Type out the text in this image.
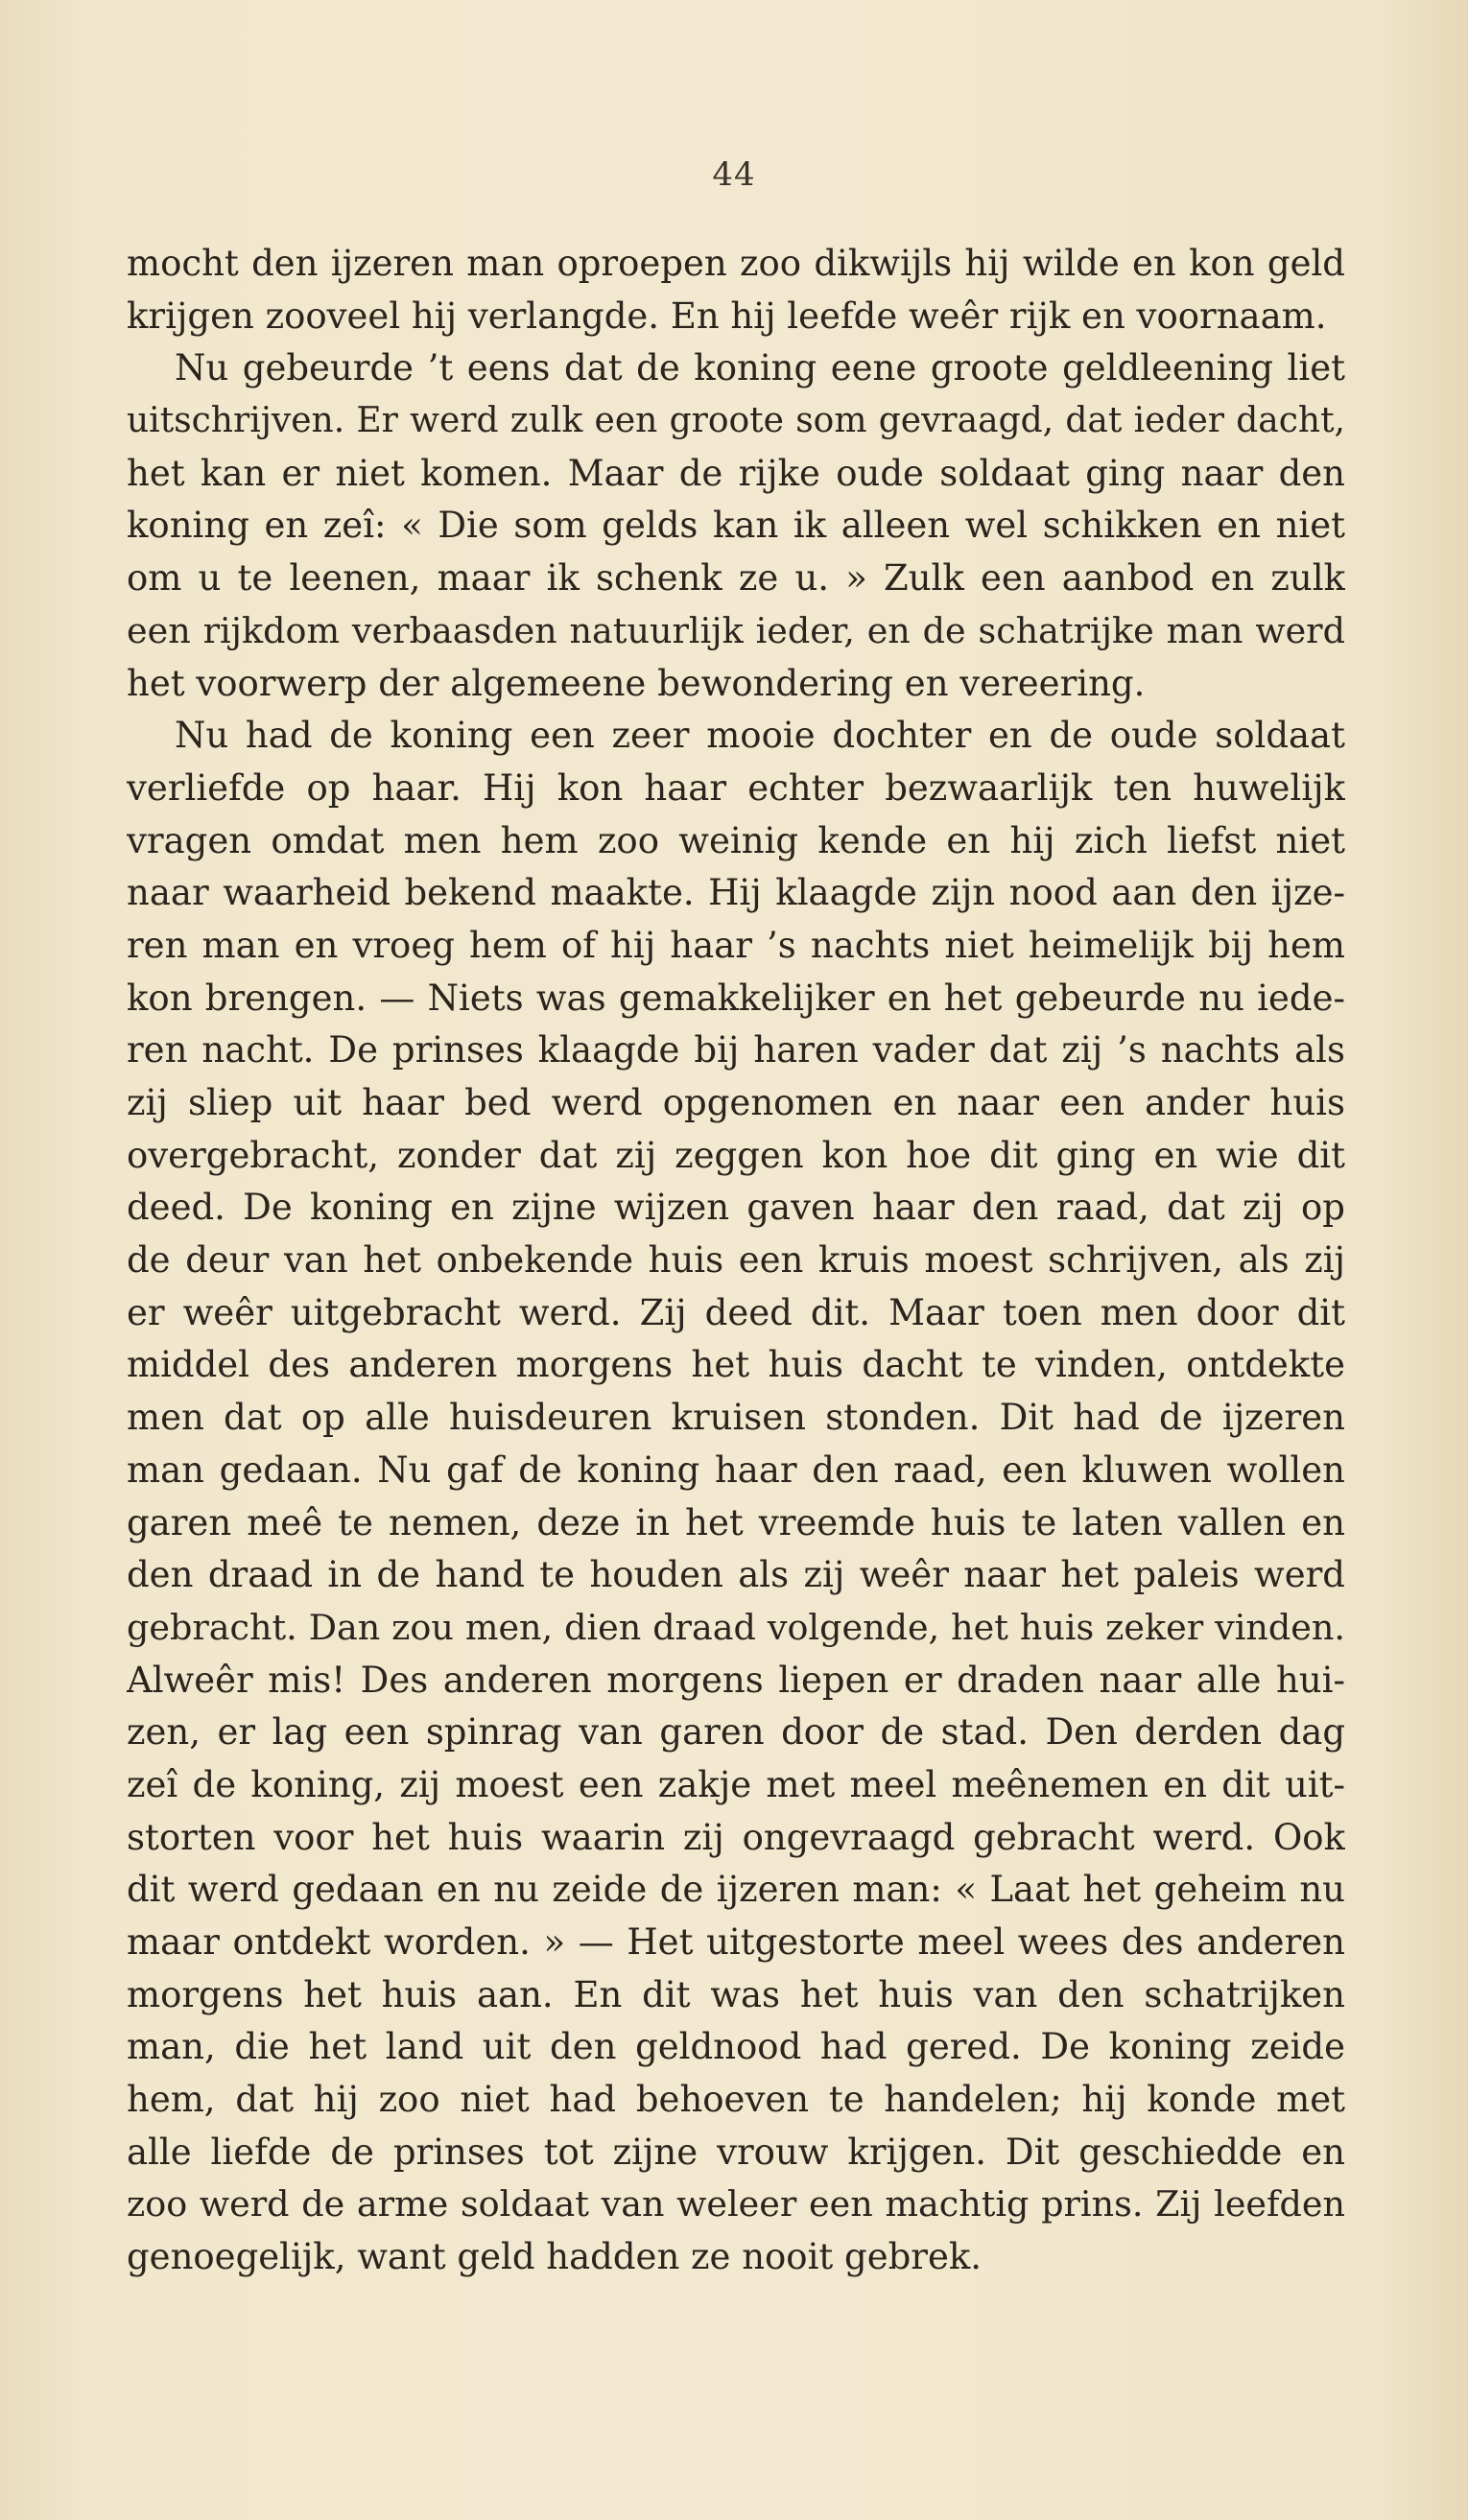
44
mocht den ijzeren man oproepen zoo dikwijls hij wilde en kon geld
krijgen zooveel hij verlangde. En hij leefde weêr rijk en voornaam.
Nu gebeurde ’t eens dat de koning eene groote geldleening liet
uitschrijven. Er werd zulk een groote som gevraagd, dat ieder dacht,
het kan er niet komen. Maar de rijke oude soldaat ging naar den
koning en zeî: « Die som gelds kan ik alleen wel schikken en niet
om u te leenen, maar ik schenk ze u. » Zulk een aanbod en zulk
een rijkdom verbaasden natuurlijk ieder, en de schatrijke man werd
het voorwerp der algemeene bewondering en vereering.
Nu had de koning een zeer mooie dochter en de oude soldaat
verliefde op haar. Hij kon haar echter bezwaarlijk ten huwelijk
vragen omdat men hem zoo weinig kende en hij zich liefst niet
naar waarheid bekend maakte. Hij klaagde zijn nood aan den ijze-
ren man en vroeg hem of hij haar ’s nachts niet heimelijk bij hem
kon brengen. — Niets was gemakkelijker en het gebeurde nu iede-
ren nacht. De prinses klaagde bij haren vader dat zij ’s nachts als
zij sliep uit haar bed werd opgenomen en naar een ander huis
overgebracht, zonder dat zij zeggen kon hoe dit ging en wie dit
deed. De koning en zijne wijzen gaven haar den raad, dat zij op
de deur van het onbekende huis een kruis moest schrijven, als zij
er weêr uitgebracht werd. Zij deed dit. Maar toen men door dit
middel des anderen morgens het huis dacht te vinden, ontdekte
men dat op alle huisdeuren kruisen stonden. Dit had de ijzeren
man gedaan. Nu gaf de koning haar den raad, een kluwen wollen
garen meê te nemen, deze in het vreemde huis te laten vallen en
den draad in de hand te houden als zij weêr naar het paleis werd
gebracht. Dan zou men, dien draad volgende, het huis zeker vinden.
Alweêr mis! Des anderen morgens liepen er draden naar alle hui-
zen, er lag een spinrag van garen door de stad. Den derden dag
zeî de koning, zij moest een zakje met meel meênemen en dit uit-
storten voor het huis waarin zij ongevraagd gebracht werd. Ook
dit werd gedaan en nu zeide de ijzeren man: « Laat het geheim nu
maar ontdekt worden. » — Het uitgestorte meel wees des anderen
morgens het huis aan. En dit was het huis van den schatrijken
man, die het land uit den geldnood had gered. De koning zeide
hem, dat hij zoo niet had behoeven te handelen; hij konde met
alle liefde de prinses tot zijne vrouw krijgen. Dit geschiedde en
zoo werd de arme soldaat van weleer een machtig prins. Zij leefden
genoegelijk, want geld hadden ze nooit gebrek.
